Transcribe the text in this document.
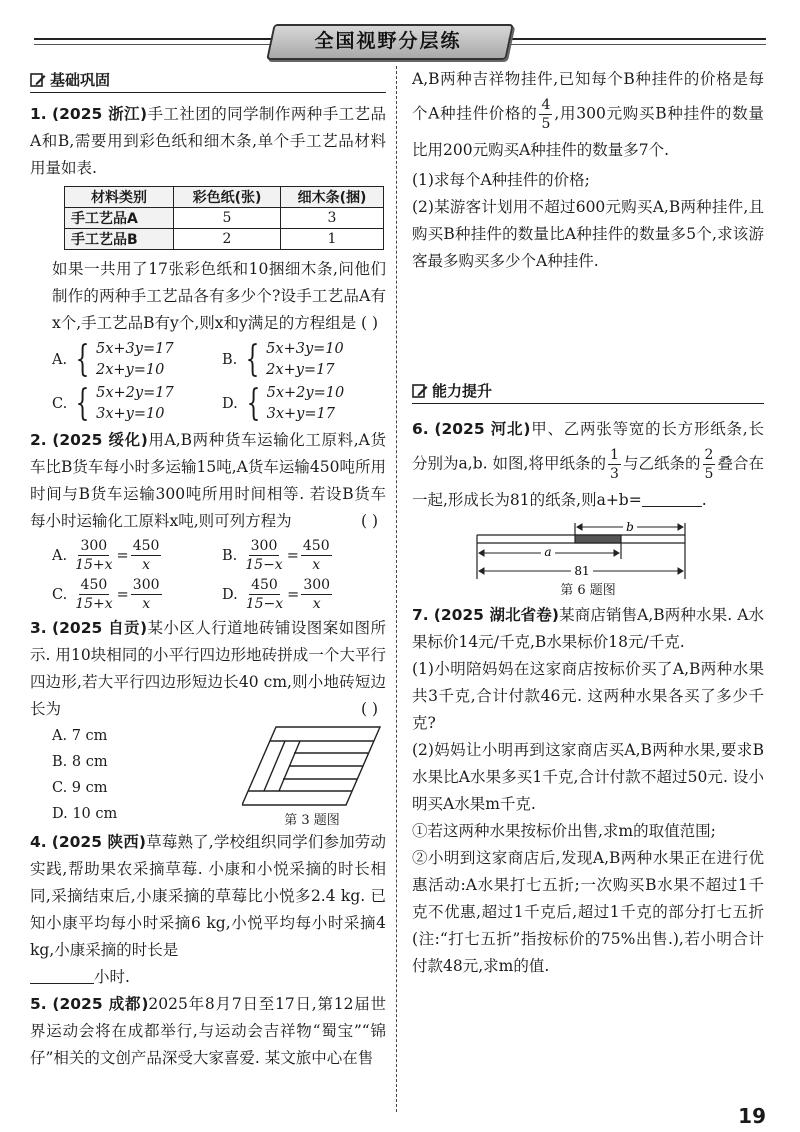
全国视野分层练
基础巩固

1. (2025 浙江)手工社团的同学制作两种手工艺品A和B,需要用到彩色纸和细木条,单个手工艺品材料用量如表.

材料类别	彩色纸(张)	细木条(捆)
手工艺品A	5	3
手工艺品B	2	1

如果一共用了17张彩色纸和10捆细木条,问他们制作的两种手工艺品各有多少个?设手工艺品A有x个,手工艺品B有y个,则x和y满足的方程组是 ( )

A. { 5x+3y=17
2x+y=10
B. { 5x+3y=10
2x+y=17
C. { 5x+2y=17
3x+y=10
D. { 5x+2y=10
3x+y=17

2. (2025 绥化)用A,B两种货车运输化工原料,A货车比B货车每小时多运输15吨,A货车运输450吨所用时间与B货车运输300吨所用时间相等. 若设B货车每小时运输化工原料x吨,则可列方程为	( )

A. $\frac{300}{15+x} = \frac{450}{x}$	B. $\frac{300}{15-x} = \frac{450}{x}$
C. $\frac{450}{15+x} = \frac{300}{x}$	D. $\frac{450}{15-x} = \frac{300}{x}$

3. (2025 自贡)某小区人行道地砖铺设图案如图所示. 用10块相同的小平行四边形地砖拼成一个大平行四边形,若大平行四边形短边长40 cm,则小地砖短边长为	( )

A. 7 cm
B. 8 cm
C. 9 cm
D. 10 cm	第 3 题图

4. (2025 陕西)草莓熟了,学校组织同学们参加劳动实践,帮助果农采摘草莓. 小康和小悦采摘的时长相同,采摘结束后,小康采摘的草莓比小悦多2.4 kg. 已知小康平均每小时采摘6 kg,小悦平均每小时采摘4 kg,小康采摘的时长是
小时.

5. (2025 成都)2025年8月7日至17日,第12届世界运动会将在成都举行,与运动会吉祥物“蜀宝”“锦仔”相关的文创产品深受大家喜爱. 某文旅中心在售

A,B两种吉祥物挂件,已知每个B种挂件的价格是每个A种挂件价格的 $\frac{4}{5}$ ,用300元购买B种挂件的数量比用200元购买A种挂件的数量多7个.

(1)求每个A种挂件的价格;

(2)某游客计划用不超过600元购买A,B两种挂件,且购买B种挂件的数量比A种挂件的数量多5个,求该游客最多购买多少个A种挂件.

能力提升

6. (2025 河北)甲、乙两张等宽的长方形纸条,长分别为a,b. 如图,将甲纸条的 $\frac{1}{3}$ 与乙纸条的 $\frac{2}{5}$ 叠合在一起,形成长为81的纸条,则a+b=	.

b
a
81
第 6 题图

7. (2025 湖北省卷)某商店销售A,B两种水果. A水果标价14元/千克,B水果标价18元/千克.

(1)小明陪妈妈在这家商店按标价买了A,B两种水果共3千克,合计付款46元. 这两种水果各买了多少千克?

(2)妈妈让小明再到这家商店买A,B两种水果,要求B水果比A水果多买1千克,合计付款不超过50元. 设小明买A水果m千克.

①若这两种水果按标价出售,求m的取值范围;

②小明到这家商店后,发现A,B两种水果正在进行优惠活动:A水果打七五折;一次购买B水果不超过1千克不优惠,超过1千克后,超过1千克的部分打七五折(注:“打七五折”指按标价的75%出售.),若小明合计付款48元,求m的值.

19
